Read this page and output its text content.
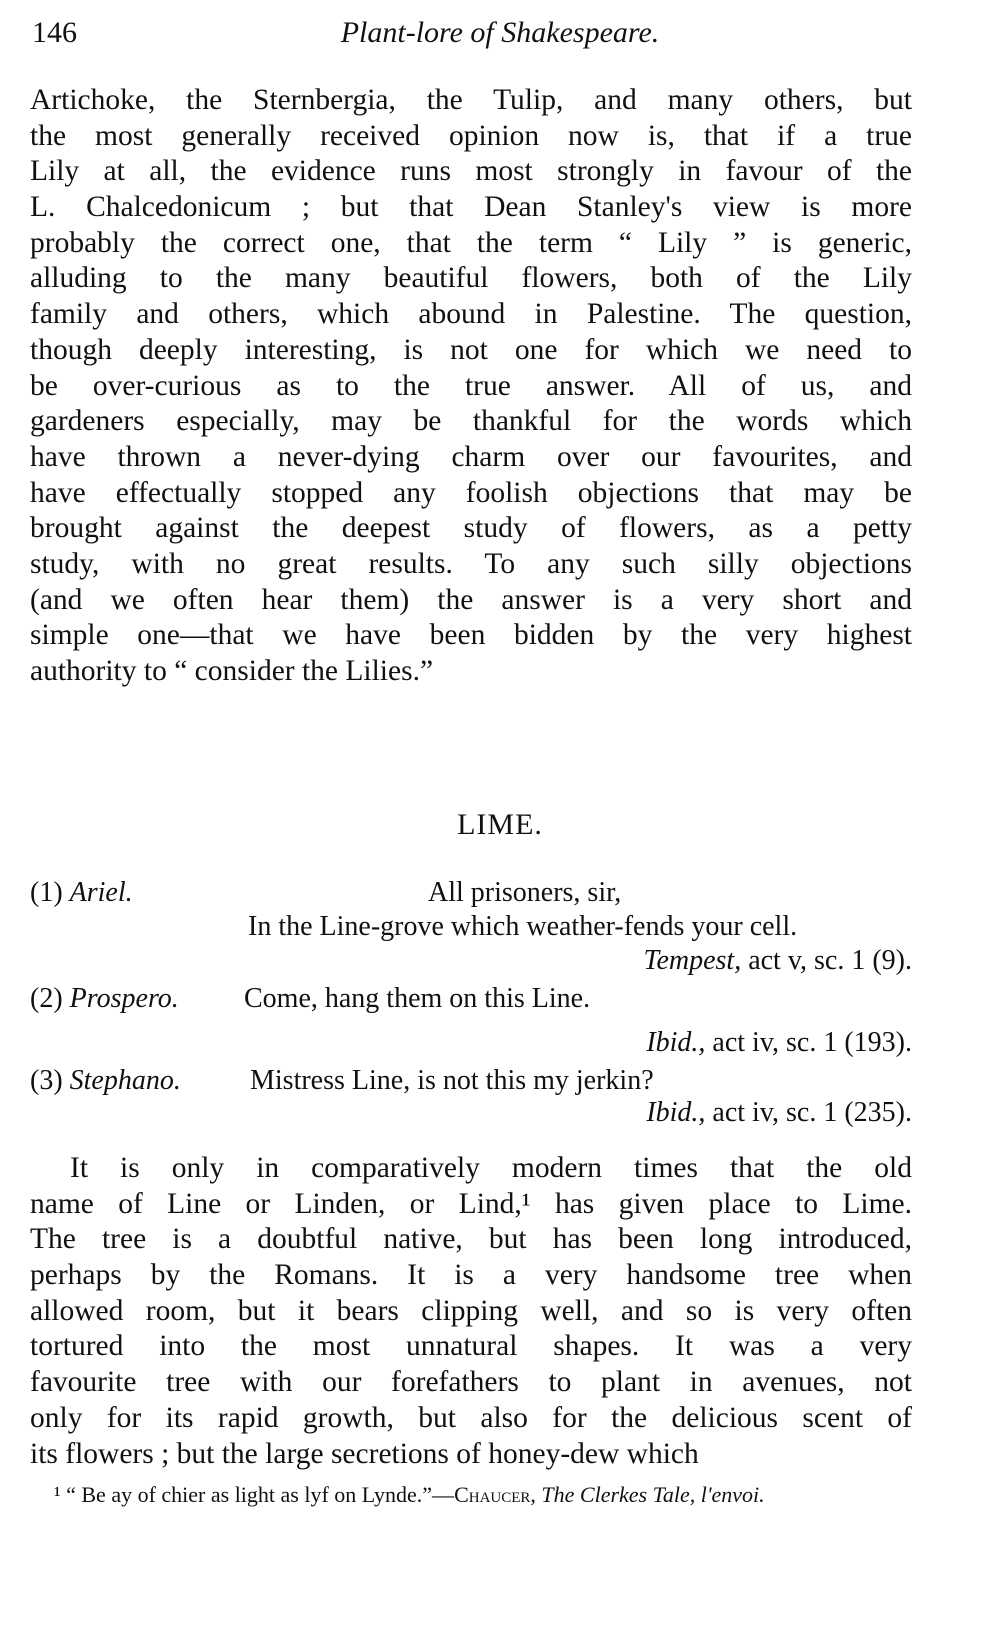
146	Plant-lore of Shakespeare.
Artichoke, the Sternbergia, the Tulip, and many others, but
the most generally received opinion now is, that if a true
Lily at all, the evidence runs most strongly in favour of the
L. Chalcedonicum ; but that Dean Stanley's view is more
probably the correct one, that the term “ Lily ” is generic,
alluding to the many beautiful flowers, both of the Lily
family and others, which abound in Palestine. The question,
though deeply interesting, is not one for which we need to
be over-curious as to the true answer. All of us, and
gardeners especially, may be thankful for the words which
have thrown a never-dying charm over our favourites, and
have effectually stopped any foolish objections that may be
brought against the deepest study of flowers, as a petty
study, with no great results. To any such silly objections
(and we often hear them) the answer is a very short and
simple one—that we have been bidden by the very highest
authority to “ consider the Lilies.”
LIME.
(1) Ariel.	All prisoners, sir,
In the Line-grove which weather-fends your cell.
Tempest, act v, sc. 1 (9).
(2) Prospero. Come, hang them on this Line.
Ibid., act iv, sc. 1 (193).
(3) Stephano. Mistress Line, is not this my jerkin?
Ibid., act iv, sc. 1 (235).
It is only in comparatively modern times that the old
name of Line or Linden, or Lind,¹ has given place to Lime.
The tree is a doubtful native, but has been long introduced,
perhaps by the Romans. It is a very handsome tree when
allowed room, but it bears clipping well, and so is very often
tortured into the most unnatural shapes. It was a very
favourite tree with our forefathers to plant in avenues, not
only for its rapid growth, but also for the delicious scent of
its flowers ; but the large secretions of honey-dew which
¹ “ Be ay of chier as light as lyf on Lynde.”—Chaucer, The Clerkes Tale, l'envoi.
